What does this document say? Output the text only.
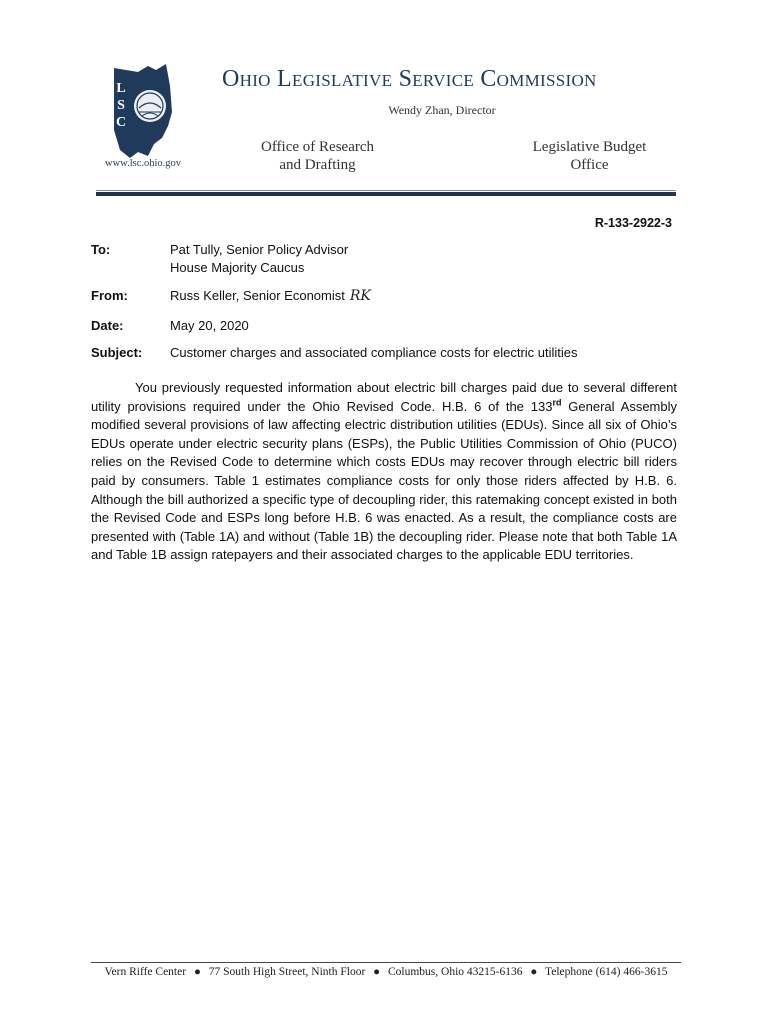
LSC
www.lsc.ohio.gov
Ohio Legislative Service Commission
Wendy Zhan, Director
Office of Research
and Drafting
Legislative Budget
Office
R-133-2922-3
To:	Pat Tully, Senior Policy Advisor
House Majority Caucus
From:	Russ Keller, Senior Economist RK
Date:	May 20, 2020
Subject:	Customer charges and associated compliance costs for electric utilities
You previously requested information about electric bill charges paid due to several different utility provisions required under the Ohio Revised Code. H.B. 6 of the 133rd General Assembly modified several provisions of law affecting electric distribution utilities (EDUs). Since all six of Ohio’s EDUs operate under electric security plans (ESPs), the Public Utilities Commission of Ohio (PUCO) relies on the Revised Code to determine which costs EDUs may recover through electric bill riders paid by consumers. Table 1 estimates compliance costs for only those riders affected by H.B. 6. Although the bill authorized a specific type of decoupling rider, this ratemaking concept existed in both the Revised Code and ESPs long before H.B. 6 was enacted. As a result, the compliance costs are presented with (Table 1A) and without (Table 1B) the decoupling rider. Please note that both Table 1A and Table 1B assign ratepayers and their associated charges to the applicable EDU territories.
Vern Riffe Center ● 77 South High Street, Ninth Floor ● Columbus, Ohio 43215-6136 ● Telephone (614) 466-3615
